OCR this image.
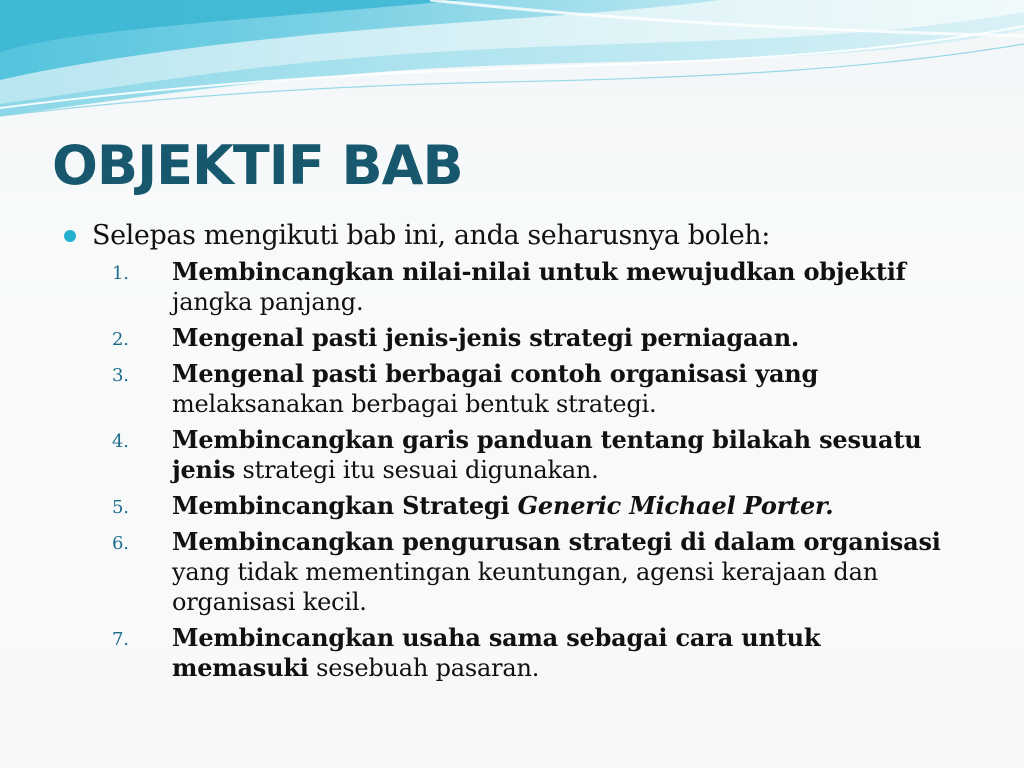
OBJEKTIF BAB
Selepas mengikuti bab ini, anda seharusnya boleh:
1. Membincangkan nilai-nilai untuk mewujudkan objektif jangka panjang.
2. Mengenal pasti jenis-jenis strategi perniagaan.
3. Mengenal pasti berbagai contoh organisasi yang melaksanakan berbagai bentuk strategi.
4. Membincangkan garis panduan tentang bilakah sesuatu jenis strategi itu sesuai digunakan.
5. Membincangkan Strategi Generic Michael Porter.
6. Membincangkan pengurusan strategi di dalam organisasi yang tidak mementingan keuntungan, agensi kerajaan dan organisasi kecil.
7. Membincangkan usaha sama sebagai cara untuk memasuki sesebuah pasaran.
